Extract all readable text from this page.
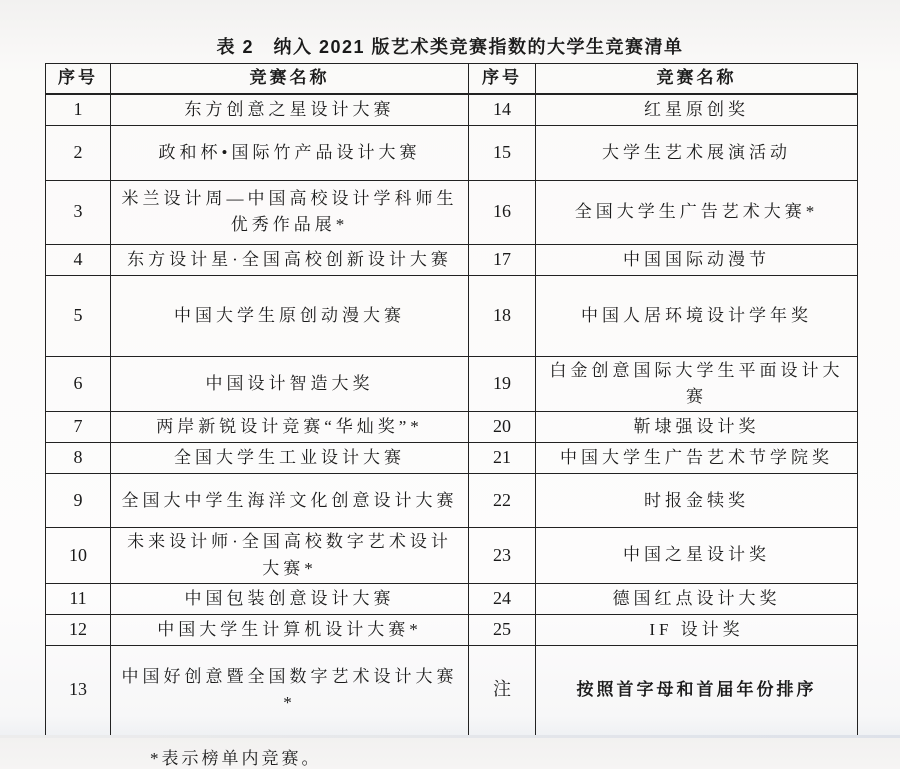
表 2　纳入 2021 版艺术类竞赛指数的大学生竞赛清单
序号	竞赛名称	序号	竞赛名称
1	东方创意之星设计大赛	14	红星原创奖
2	政和杯•国际竹产品设计大赛	15	大学生艺术展演活动
3	米兰设计周—中国高校设计学科师生优秀作品展*	16	全国大学生广告艺术大赛*
4	东方设计星·全国高校创新设计大赛	17	中国国际动漫节
5	中国大学生原创动漫大赛	18	中国人居环境设计学年奖
6	中国设计智造大奖	19	白金创意国际大学生平面设计大赛
7	两岸新锐设计竞赛“华灿奖”*	20	靳埭强设计奖
8	全国大学生工业设计大赛	21	中国大学生广告艺术节学院奖
9	全国大中学生海洋文化创意设计大赛	22	时报金犊奖
10	未来设计师·全国高校数字艺术设计大赛*	23	中国之星设计奖
11	中国包装创意设计大赛	24	德国红点设计大奖
12	中国大学生计算机设计大赛*	25	IF 设计奖
13	中国好创意暨全国数字艺术设计大赛*	注	按照首字母和首届年份排序

*表示榜单内竞赛。
